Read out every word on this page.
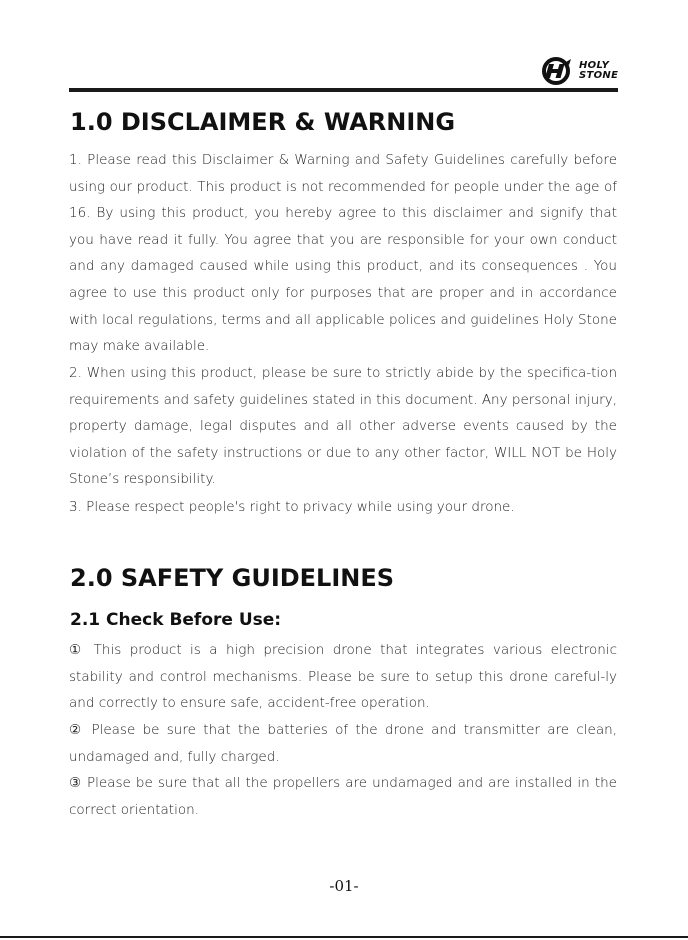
HOLY
STONE
1.0 DISCLAIMER & WARNING

1. Please read this Disclaimer & Warning and Safety Guidelines carefully before using our product. This product is not recommended for people under the age of 16. By using this product, you hereby agree to this disclaimer and signify that you have read it fully. You agree that you are responsible for your own conduct and any damaged caused while using this product, and its consequences . You agree to use this product only for purposes that are proper and in accordance with local regulations, terms and all applicable polices and guidelines Holy Stone may make available.

2. When using this product, please be sure to strictly abide by the specifica-tion requirements and safety guidelines stated in this document. Any personal injury, property damage, legal disputes and all other adverse events caused by the violation of the safety instructions or due to any other factor, WILL NOT be Holy Stone’s responsibility.

3. Please respect people's right to privacy while using your drone.

2.0 SAFETY GUIDELINES
2.1 Check Before Use:

① This product is a high precision drone that integrates various electronic stability and control mechanisms. Please be sure to setup this drone careful-ly and correctly to ensure safe, accident-free operation.

② Please be sure that the batteries of the drone and transmitter are clean, undamaged and, fully charged.

③ Please be sure that all the propellers are undamaged and are installed in the correct orientation.

-01-
